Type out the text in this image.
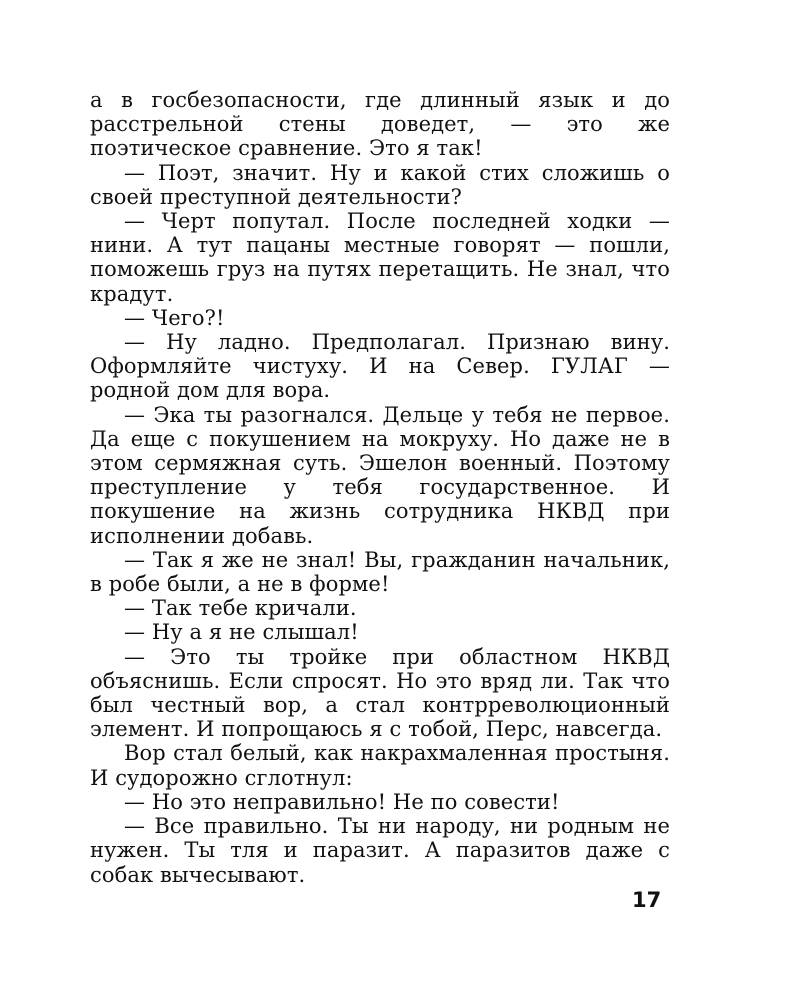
а в госбезопасности, где длинный язык и до расстрельной стены доведет, — это же поэтическое сравнение. Это я так!

— Поэт, значит. Ну и какой стих сложишь о своей преступной деятельности?

— Черт попутал. После последней ходки — нини. А тут пацаны местные говорят — пошли, поможешь груз на путях перетащить. Не знал, что крадут.

— Чего?!

— Ну ладно. Предполагал. Признаю вину. Оформляйте чистуху. И на Север. ГУЛАГ — родной дом для вора.

— Эка ты разогнался. Дельце у тебя не первое. Да еще с покушением на мокруху. Но даже не в этом сермяжная суть. Эшелон военный. Поэтому преступление у тебя государственное. И покушение на жизнь сотрудника НКВД при исполнении добавь.

— Так я же не знал! Вы, гражданин начальник, в робе были, а не в форме!

— Так тебе кричали.

— Ну а я не слышал!

— Это ты тройке при областном НКВД объяснишь. Если спросят. Но это вряд ли. Так что был честный вор, а стал контрреволюционный элемент. И попрощаюсь я с тобой, Перс, навсегда.

Вор стал белый, как накрахмаленная простыня. И судорожно сглотнул:

— Но это неправильно! Не по совести!

— Все правильно. Ты ни народу, ни родным не нужен. Ты тля и паразит. А паразитов даже с собак вычесывают.

17
